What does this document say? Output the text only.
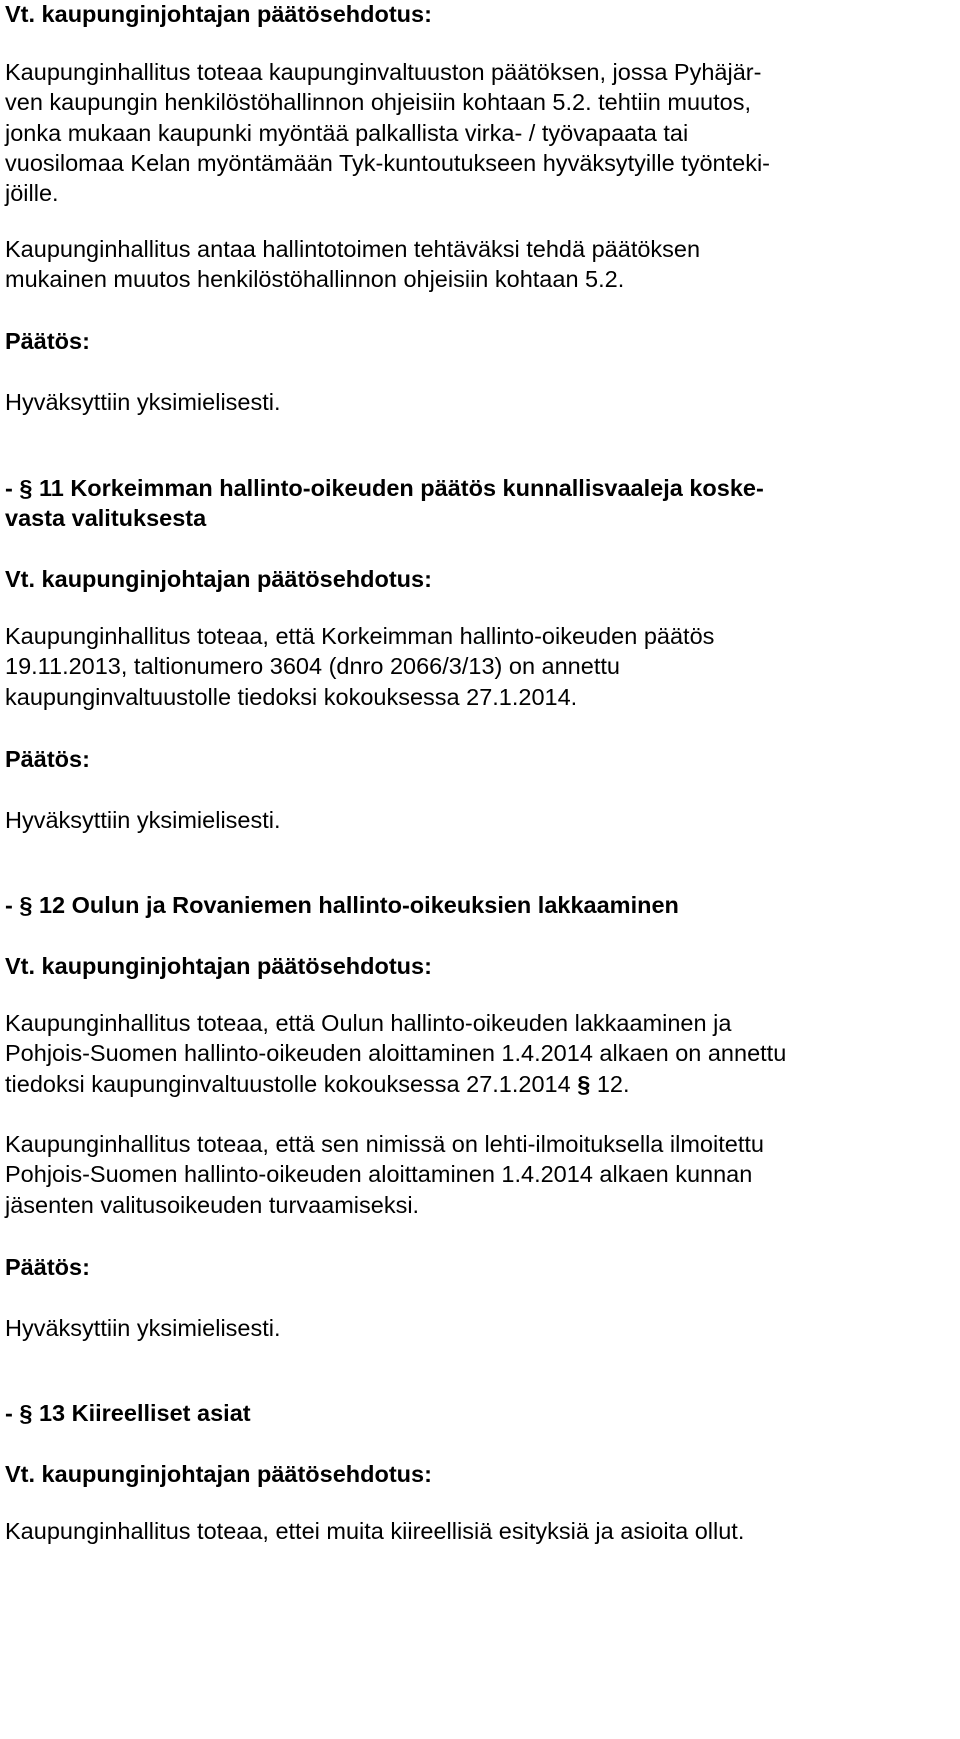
Vt. kaupunginjohtajan päätösehdotus:
Kaupunginhallitus toteaa kaupunginvaltuuston päätöksen, jossa Pyhäjär-
ven kaupungin henkilöstöhallinnon ohjeisiin kohtaan 5.2. tehtiin muutos,
jonka mukaan kaupunki myöntää palkallista virka- / työvapaata tai
vuosilomaa Kelan myöntämään Tyk-kuntoutukseen hyväksytyille työnteki-
jöille.
Kaupunginhallitus antaa hallintotoimen tehtäväksi tehdä päätöksen
mukainen muutos henkilöstöhallinnon ohjeisiin kohtaan 5.2.
Päätös:
Hyväksyttiin yksimielisesti.
- § 11 Korkeimman hallinto-oikeuden päätös kunnallisvaaleja koske-
vasta valituksesta
Vt. kaupunginjohtajan päätösehdotus:
Kaupunginhallitus toteaa, että Korkeimman hallinto-oikeuden päätös
19.11.2013, taltionumero 3604 (dnro 2066/3/13) on annettu
kaupunginvaltuustolle tiedoksi kokouksessa 27.1.2014.
Päätös:
Hyväksyttiin yksimielisesti.
- § 12 Oulun ja Rovaniemen hallinto-oikeuksien lakkaaminen
Vt. kaupunginjohtajan päätösehdotus:
Kaupunginhallitus toteaa, että Oulun hallinto-oikeuden lakkaaminen ja
Pohjois-Suomen hallinto-oikeuden aloittaminen 1.4.2014 alkaen on annettu
tiedoksi kaupunginvaltuustolle kokouksessa 27.1.2014 § 12.
Kaupunginhallitus toteaa, että sen nimissä on lehti-ilmoituksella ilmoitettu
Pohjois-Suomen hallinto-oikeuden aloittaminen 1.4.2014 alkaen kunnan
jäsenten valitusoikeuden turvaamiseksi.
Päätös:
Hyväksyttiin yksimielisesti.
- § 13 Kiireelliset asiat
Vt. kaupunginjohtajan päätösehdotus:
Kaupunginhallitus toteaa, ettei muita kiireellisiä esityksiä ja asioita ollut.
